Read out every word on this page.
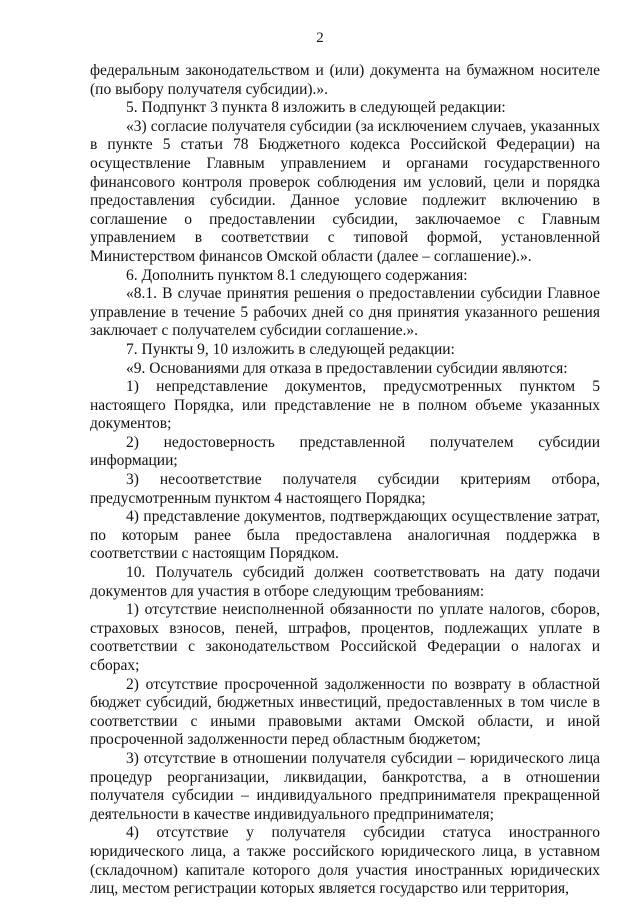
2

федеральным законодательством и (или) документа на бумажном носителе (по выбору получателя субсидии).».

5. Подпункт 3 пункта 8 изложить в следующей редакции:

«3) согласие получателя субсидии (за исключением случаев, указанных в пункте 5 статьи 78 Бюджетного кодекса Российской Федерации) на осуществление Главным управлением и органами государственного финансового контроля проверок соблюдения им условий, цели и порядка предоставления субсидии. Данное условие подлежит включению в соглашение о предоставлении субсидии, заключаемое с Главным управлением в соответствии с типовой формой, установленной Министерством финансов Омской области (далее – соглашение).».

6. Дополнить пунктом 8.1 следующего содержания:

«8.1. В случае принятия решения о предоставлении субсидии Главное управление в течение 5 рабочих дней со дня принятия указанного решения заключает с получателем субсидии соглашение.».

7. Пункты 9, 10 изложить в следующей редакции:

«9. Основаниями для отказа в предоставлении субсидии являются:

1) непредставление документов, предусмотренных пунктом 5 настоящего Порядка, или представление не в полном объеме указанных документов;

2) недостоверность представленной получателем субсидии информации;

3) несоответствие получателя субсидии критериям отбора, предусмотренным пунктом 4 настоящего Порядка;

4) представление документов, подтверждающих осуществление затрат, по которым ранее была предоставлена аналогичная поддержка в соответствии с настоящим Порядком.

10. Получатель субсидий должен соответствовать на дату подачи документов для участия в отборе следующим требованиям:

1) отсутствие неисполненной обязанности по уплате налогов, сборов, страховых взносов, пеней, штрафов, процентов, подлежащих уплате в соответствии с законодательством Российской Федерации о налогах и сборах;

2) отсутствие просроченной задолженности по возврату в областной бюджет субсидий, бюджетных инвестиций, предоставленных в том числе в соответствии с иными правовыми актами Омской области, и иной просроченной задолженности перед областным бюджетом;

3) отсутствие в отношении получателя субсидии – юридического лица процедур реорганизации, ликвидации, банкротства, а в отношении получателя субсидии – индивидуального предпринимателя прекращенной деятельности в качестве индивидуального предпринимателя;

4) отсутствие у получателя субсидии статуса иностранного юридического лица, а также российского юридического лица, в уставном (складочном) капитале которого доля участия иностранных юридических лиц, местом регистрации которых является государство или территория,
